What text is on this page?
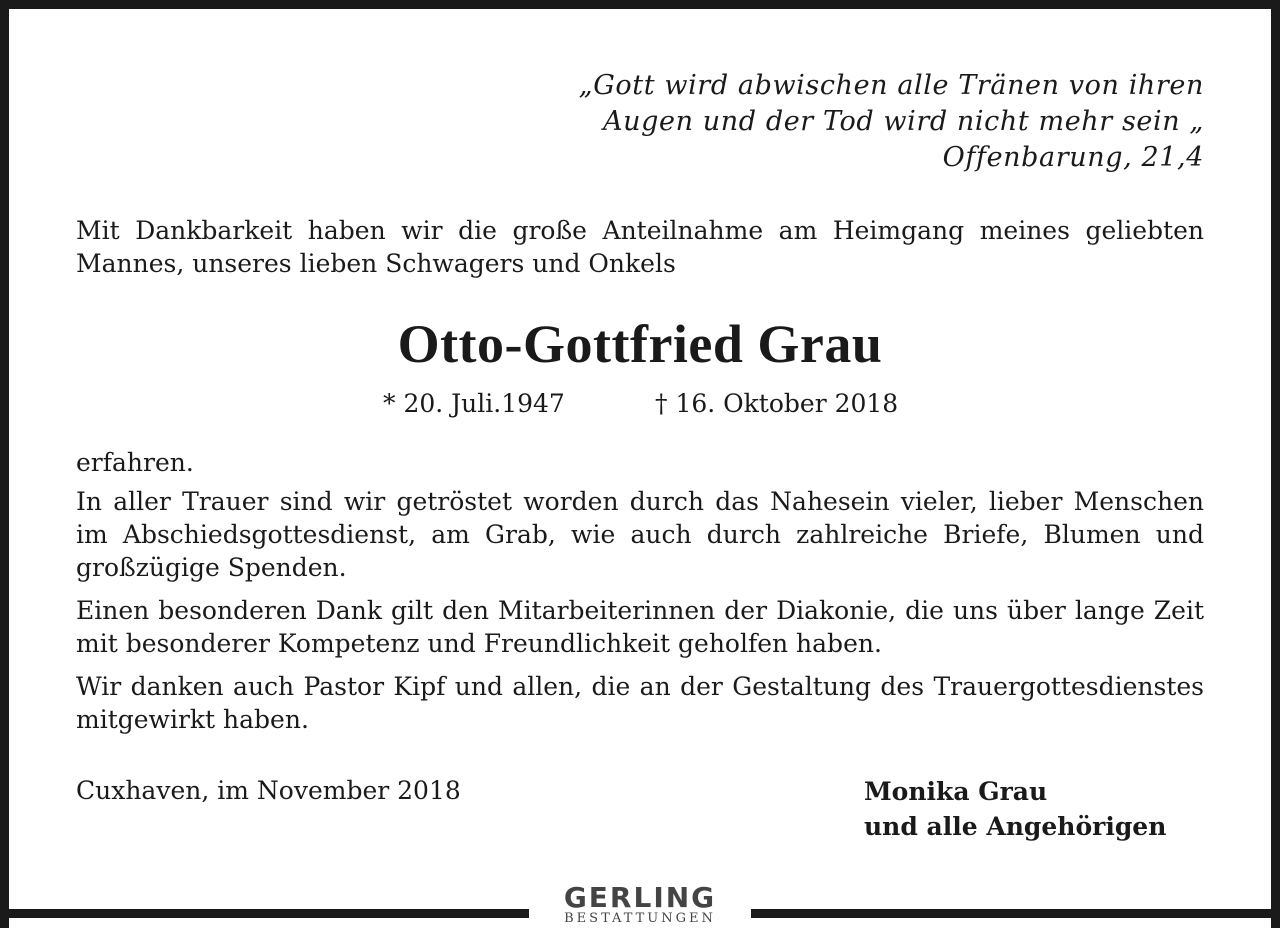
„Gott wird abwischen alle Tränen von ihren
Augen und der Tod wird nicht mehr sein „
Offenbarung, 21,4

Mit Dankbarkeit haben wir die große Anteilnahme am Heimgang meines geliebten Mannes, unseres lieben Schwagers und Onkels

Otto-Gottfried Grau
* 20. Juli.1947	† 16. Oktober 2018

erfahren.

In aller Trauer sind wir getröstet worden durch das Nahesein vieler, lieber Menschen im Abschiedsgottesdienst, am Grab, wie auch durch zahlreiche Briefe, Blumen und großzügige Spenden.

Einen besonderen Dank gilt den Mitarbeiterinnen der Diakonie, die uns über lange Zeit mit besonderer Kompetenz und Freundlichkeit geholfen haben.

Wir danken auch Pastor Kipf und allen, die an der Gestaltung des Trauergottesdienstes mitgewirkt haben.

Cuxhaven, im November 2018	Monika Grau
und alle Angehörigen
GERLING
BESTATTUNGEN
